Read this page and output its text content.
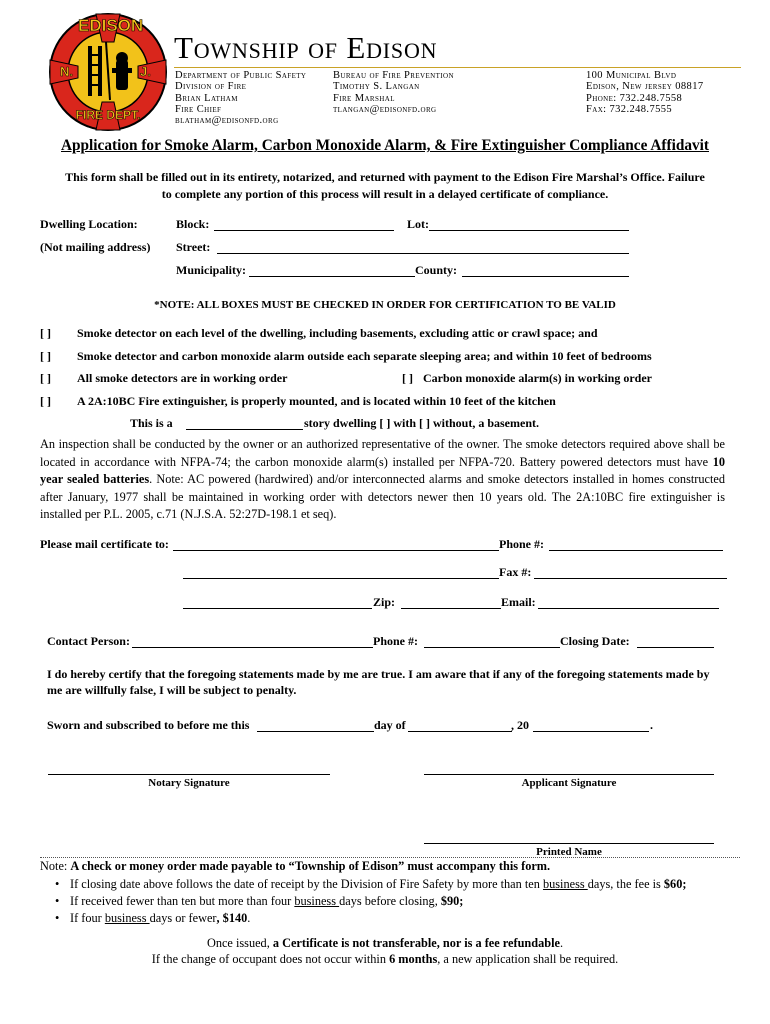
EDISON
N.	J.
FIRE DEPT.
Township of Edison
Department of Public Safety
Division of Fire
Brian Latham
Fire Chief
blatham@edisonfd.org
Bureau of Fire Prevention
Timothy S. Langan
Fire Marshal
tlangan@edisonfd.org
100 Municipal Blvd
Edison, New jersey 08817
Phone: 732.248.7558
Fax: 732.248.7555
Application for Smoke Alarm, Carbon Monoxide Alarm, & Fire Extinguisher Compliance Affidavit
This form shall be filled out in its entirety, notarized, and returned with payment to the Edison Fire Marshal’s Office. Failure
to complete any portion of this process will result in a delayed certificate of compliance.
Dwelling Location:	Block:	Lot:
(Not mailing address) Street:
Municipality:	County:
*NOTE: ALL BOXES MUST BE CHECKED IN ORDER FOR CERTIFICATION TO BE VALID
[ ] Smoke detector on each level of the dwelling, including basements, excluding attic or crawl space; and
[ ] Smoke detector and carbon monoxide alarm outside each separate sleeping area; and within 10 feet of bedrooms
[ ] All smoke detectors are in working order	[ ] Carbon monoxide alarm(s) in working order
[ ] A 2A:10BC Fire extinguisher, is properly mounted, and is located within 10 feet of the kitchen
This is a	story dwelling [ ] with [ ] without, a basement.
An inspection shall be conducted by the owner or an authorized representative of the owner. The smoke detectors required above shall be located in accordance with NFPA-74; the carbon monoxide alarm(s) installed per NFPA-720. Battery powered detectors must have 10 year sealed batteries. Note: AC powered (hardwired) and/or interconnected alarms and smoke detectors installed in homes constructed after January, 1977 shall be maintained in working order with detectors newer then 10 years old. The 2A:10BC fire extinguisher is installed per P.L. 2005, c.71 (N.J.S.A. 52:27D-198.1 et seq).
Please mail certificate to:	Phone #:
Fax #:
Zip:	Email:
Contact Person:	Phone #:	Closing Date:
I do hereby certify that the foregoing statements made by me are true. I am aware that if any of the foregoing statements made by me are willfully false, I will be subject to penalty.
Sworn and subscribed to before me this	day of	, 20	.
Notary Signature	Applicant Signature
Printed Name
Note: A check or money order made payable to “Township of Edison” must accompany this form.
• If closing date above follows the date of receipt by the Division of Fire Safety by more than ten business days, the fee is $60;
• If received fewer than ten but more than four business days before closing, $90;
• If four business days or fewer, $140.
Once issued, a Certificate is not transferable, nor is a fee refundable.
If the change of occupant does not occur within 6 months, a new application shall be required.
